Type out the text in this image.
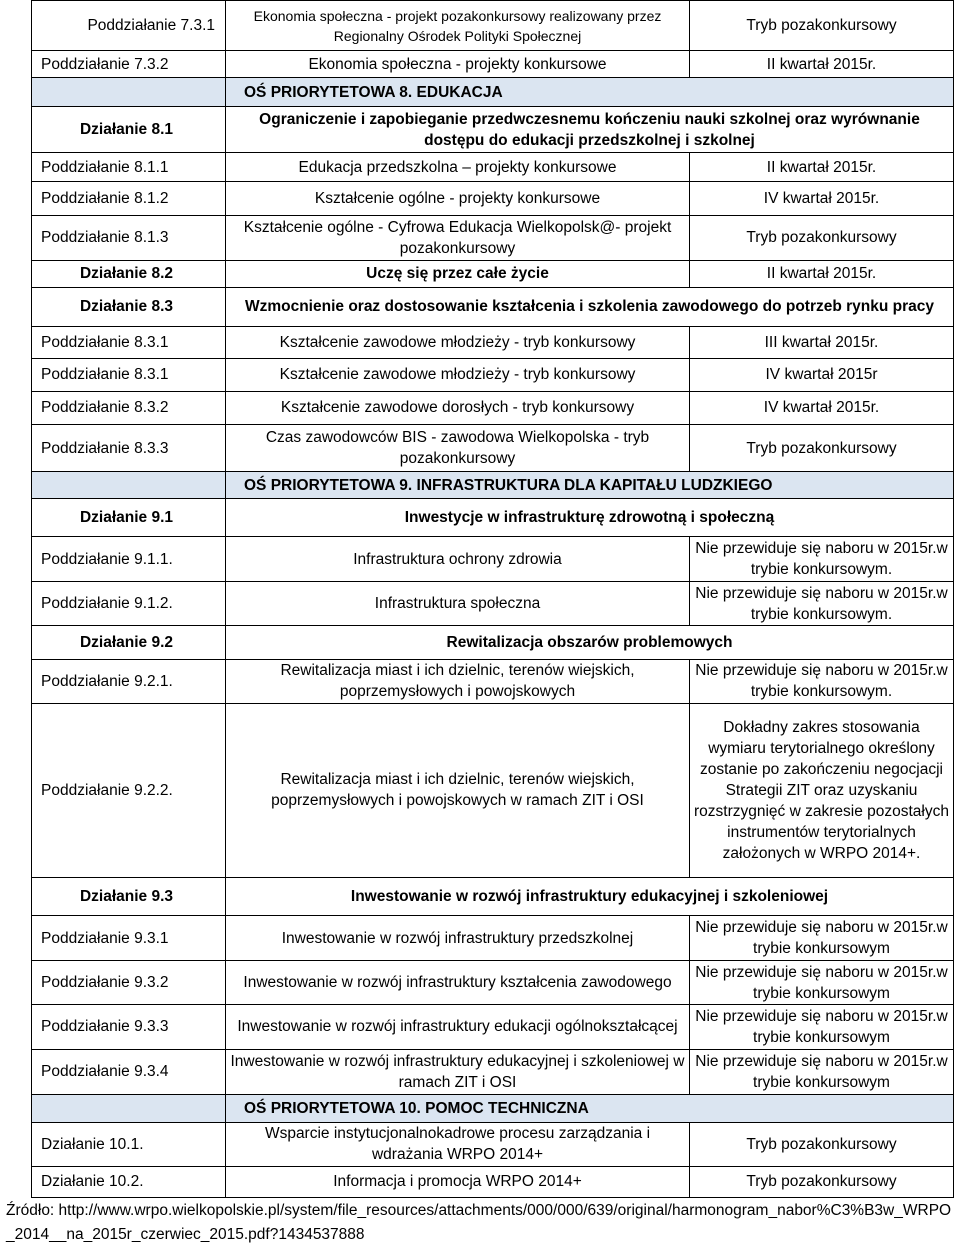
Poddziałanie 7.3.1	Ekonomia społeczna - projekt pozakonkursowy realizowany przez Regionalny Ośrodek Polityki Społecznej	Tryb pozakonkursowy
Poddziałanie 7.3.2	Ekonomia społeczna - projekty konkursowe	II kwartał 2015r.
	OŚ PRIORYTETOWA 8. EDUKACJA	
Działanie 8.1	Ograniczenie i zapobieganie przedwczesnemu kończeniu nauki szkolnej oraz wyrównanie dostępu do edukacji przedszkolnej i szkolnej	
Poddziałanie 8.1.1	Edukacja przedszkolna – projekty konkursowe	II kwartał 2015r.
Poddziałanie 8.1.2	Kształcenie ogólne - projekty konkursowe	IV kwartał 2015r.
Poddziałanie 8.1.3	Kształcenie ogólne - Cyfrowa Edukacja Wielkopolsk@- projekt pozakonkursowy	Tryb pozakonkursowy
Działanie 8.2	Uczę się przez całe życie	II kwartał 2015r.
Działanie 8.3	Wzmocnienie oraz dostosowanie kształcenia i szkolenia zawodowego do potrzeb rynku pracy	
Poddziałanie 8.3.1	Kształcenie zawodowe młodzieży - tryb konkursowy	III kwartał 2015r.
Poddziałanie 8.3.1	Kształcenie zawodowe młodzieży - tryb konkursowy	IV kwartał 2015r
Poddziałanie 8.3.2	Kształcenie zawodowe dorosłych - tryb konkursowy	IV kwartał 2015r.
Poddziałanie 8.3.3	Czas zawodowców BIS - zawodowa Wielkopolska - tryb pozakonkursowy	Tryb pozakonkursowy
	OŚ PRIORYTETOWA 9. INFRASTRUKTURA DLA KAPITAŁU LUDZKIEGO	
Działanie 9.1	Inwestycje w infrastrukturę zdrowotną i społeczną	
Poddziałanie 9.1.1.	Infrastruktura ochrony zdrowia	Nie przewiduje się naboru w 2015r.w trybie konkursowym.
Poddziałanie 9.1.2.	Infrastruktura społeczna	Nie przewiduje się naboru w 2015r.w trybie konkursowym.
Działanie 9.2	Rewitalizacja obszarów problemowych	
Poddziałanie 9.2.1.	Rewitalizacja miast i ich dzielnic, terenów wiejskich, poprzemysłowych i powojskowych	Nie przewiduje się naboru w 2015r.w trybie konkursowym.
Poddziałanie 9.2.2.	Rewitalizacja miast i ich dzielnic, terenów wiejskich, poprzemysłowych i powojskowych w ramach ZIT i OSI	Dokładny zakres stosowania wymiaru terytorialnego określony zostanie po zakończeniu negocjacji Strategii ZIT oraz uzyskaniu rozstrzygnięć w zakresie pozostałych instrumentów terytorialnych założonych w WRPO 2014+.
Działanie 9.3	Inwestowanie w rozwój infrastruktury edukacyjnej i szkoleniowej	
Poddziałanie 9.3.1	Inwestowanie w rozwój infrastruktury przedszkolnej	Nie przewiduje się naboru w 2015r.w trybie konkursowym
Poddziałanie 9.3.2	Inwestowanie w rozwój infrastruktury kształcenia zawodowego	Nie przewiduje się naboru w 2015r.w trybie konkursowym
Poddziałanie 9.3.3	Inwestowanie w rozwój infrastruktury edukacji ogólnokształcącej	Nie przewiduje się naboru w 2015r.w trybie konkursowym
Poddziałanie 9.3.4	Inwestowanie w rozwój infrastruktury edukacyjnej i szkoleniowej w ramach ZIT i OSI	Nie przewiduje się naboru w 2015r.w trybie konkursowym
	OŚ PRIORYTETOWA 10. POMOC TECHNICZNA	
Działanie 10.1.	Wsparcie instytucjonalnokadrowe procesu zarządzania i wdrażania WRPO 2014+	Tryb pozakonkursowy
Działanie 10.2.	Informacja i promocja WRPO 2014+	Tryb pozakonkursowy
Źródło: http://www.wrpo.wielkopolskie.pl/system/file_resources/attachments/000/000/639/original/harmonogram_nabor%C3%B3w_WRPO_2014__na_2015r_czerwiec_2015.pdf?1434537888
